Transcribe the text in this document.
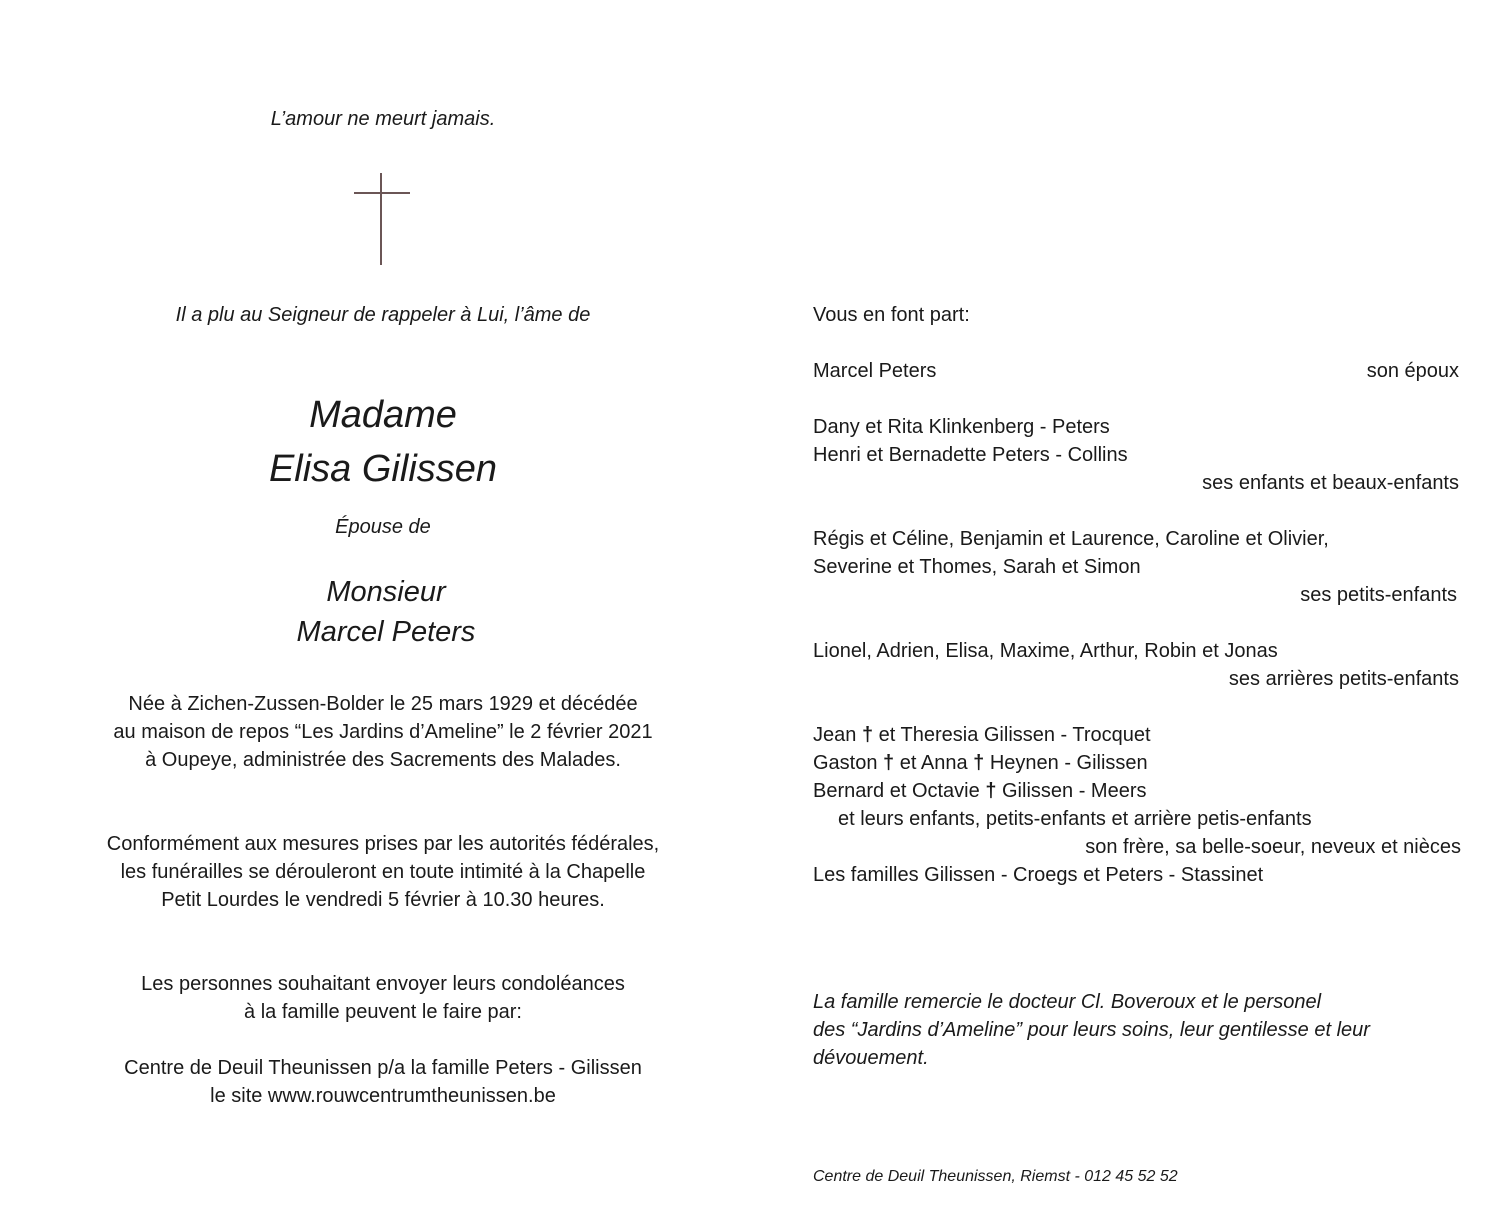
L’amour ne meurt jamais.
Il a plu au Seigneur de rappeler à Lui, l’âme de
Madame
Elisa Gilissen
Épouse de
Monsieur
Marcel Peters
Née à Zichen-Zussen-Bolder le 25 mars 1929 et décédée
au maison de repos “Les Jardins d’Ameline” le 2 février 2021
à Oupeye, administrée des Sacrements des Malades.
Conformément aux mesures prises par les autorités fédérales,
les funérailles se dérouleront en toute intimité à la Chapelle
Petit Lourdes le vendredi 5 février à 10.30 heures.
Les personnes souhaitant envoyer leurs condoléances
à la famille peuvent le faire par:
Centre de Deuil Theunissen p/a la famille Peters - Gilissen
le site www.rouwcentrumtheunissen.be
Vous en font part:
Marcel Peters	son époux
Dany et Rita Klinkenberg - Peters
Henri et Bernadette Peters - Collins
ses enfants et beaux-enfants
Régis et Céline, Benjamin et Laurence, Caroline et Olivier,
Severine et Thomes, Sarah et Simon
ses petits-enfants
Lionel, Adrien, Elisa, Maxime, Arthur, Robin et Jonas
ses arrières petits-enfants
Jean † et Theresia Gilissen - Trocquet
Gaston † et Anna † Heynen - Gilissen
Bernard et Octavie † Gilissen - Meers
et leurs enfants, petits-enfants et arrière petis-enfants
son frère, sa belle-soeur, neveux et nièces
Les familles Gilissen - Croegs et Peters - Stassinet
La famille remercie le docteur Cl. Boveroux et le personel
des “Jardins d’Ameline” pour leurs soins, leur gentilesse et leur
dévouement.
Centre de Deuil Theunissen, Riemst - 012 45 52 52
